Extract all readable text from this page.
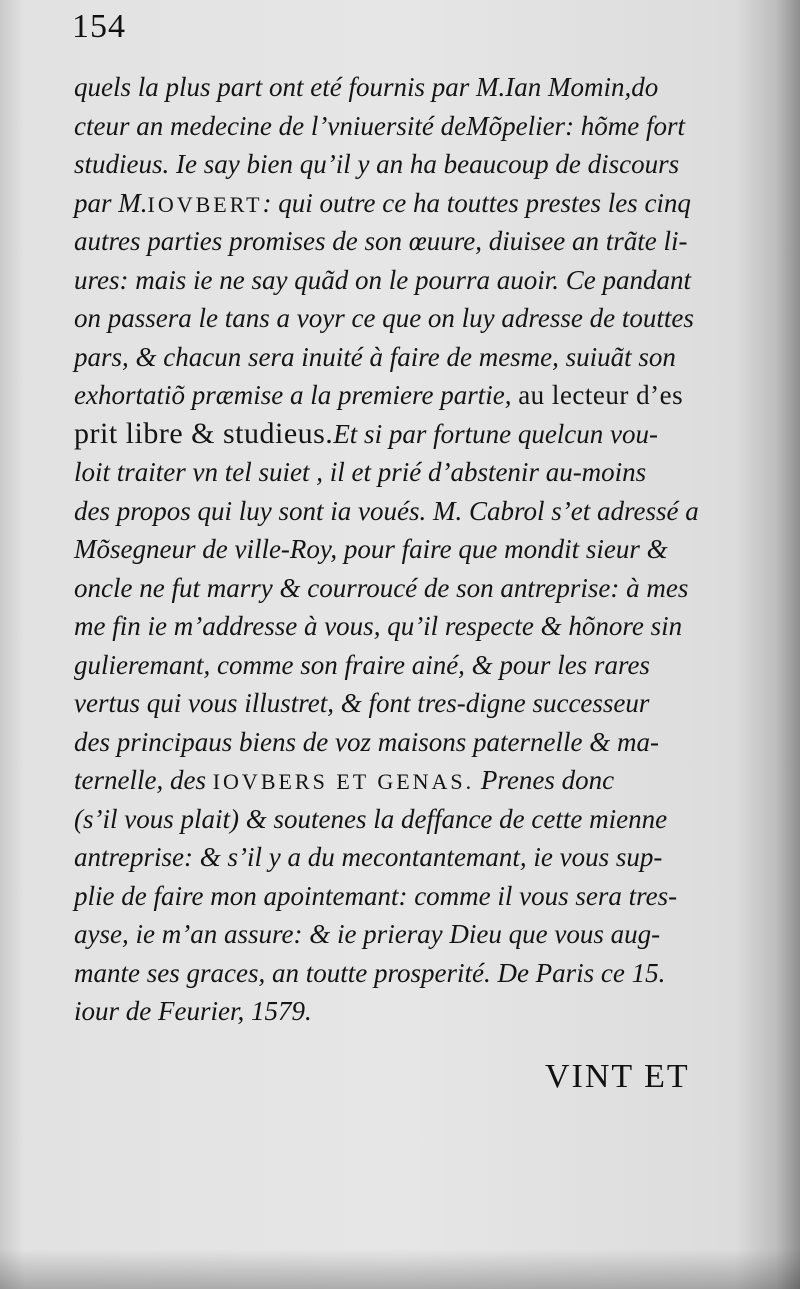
154
quels la plus part ont eté fournis par M.Ian Momin,do
cteur an medecine de l’vniuersité deMõpelier: hõme fort
studieus. Ie say bien qu’il y an ha beaucoup de discours
par M.IOVBERT: qui outre ce ha touttes prestes les cinq
autres parties promises de son œuure, diuisee an trãte li-
ures: mais ie ne say quãd on le pourra auoir. Ce pandant
on passera le tans a voyr ce que on luy adresse de touttes
pars, & chacun sera inuité à faire de mesme, suiuãt son
exhortatiõ præmise a la premiere partie, au lecteur d’es
prit libre & studieus.Et si par fortune quelcun vou-
loit traiter vn tel suiet , il et prié d’abstenir au-moins
des propos qui luy sont ia voués. M. Cabrol s’et adressé a
Mõsegneur de ville-Roy, pour faire que mondit sieur &
oncle ne fut marry & courroucé de son antreprise: à mes
me fin ie m’addresse à vous, qu’il respecte & hõnore sin
gulieremant, comme son fraire ainé, & pour les rares
vertus qui vous illustret, & font tres-digne successeur
des principaus biens de voz maisons paternelle & ma-
ternelle, des IOVBERS ET GENAS. Prenes donc
(s’il vous plait) & soutenes la deffance de cette mienne
antreprise: & s’il y a du mecontantemant, ie vous sup-
plie de faire mon apointemant: comme il vous sera tres-
ayse, ie m’an assure: & ie prieray Dieu que vous aug-
mante ses graces, an toutte prosperité. De Paris ce 15.
iour de Feurier, 1579.
VINT ET
